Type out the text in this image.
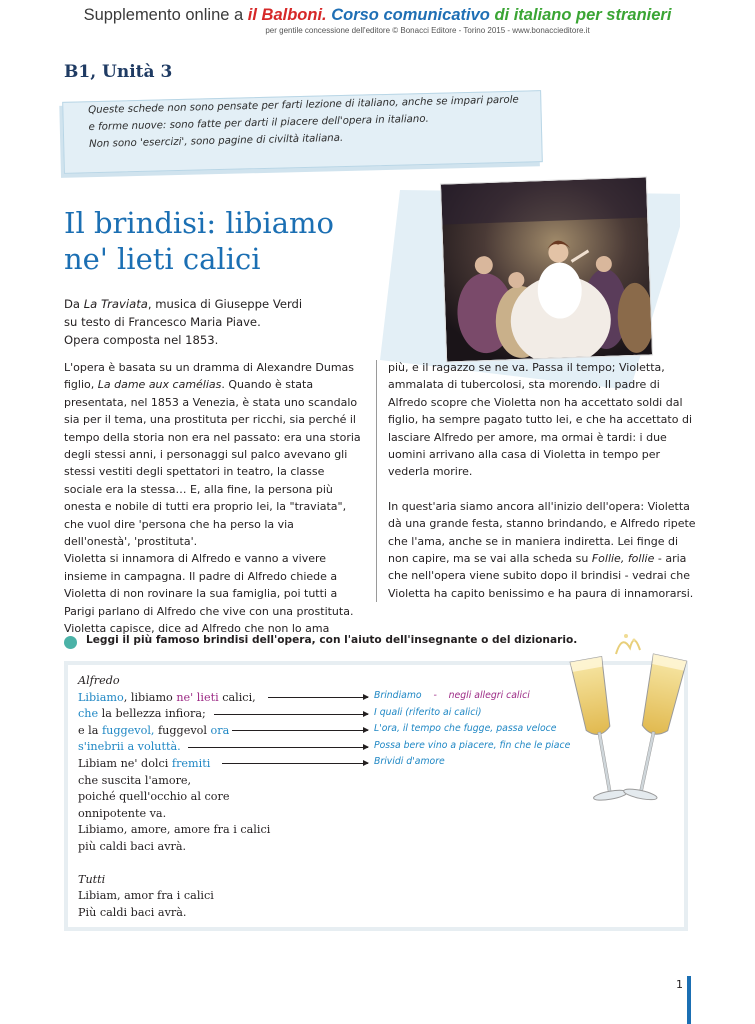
Supplemento online a il Balboni. Corso comunicativo di italiano per stranieri
per gentile concessione dell'editore © Bonacci Editore - Torino 2015 - www.bonaccieditore.it
B1, Unità 3
Queste schede non sono pensate per farti lezione di italiano, anche se impari parole
e forme nuove: sono fatte per darti il piacere dell'opera in italiano.
Non sono 'esercizi', sono pagine di civiltà italiana.
Il brindisi: libiamo
ne' lieti calici
Da La Traviata, musica di Giuseppe Verdi
su testo di Francesco Maria Piave.
Opera composta nel 1853.
L'opera è basata su un dramma di Alexandre Dumas figlio, La dame aux camélias. Quando è stata presentata, nel 1853 a Venezia, è stata uno scandalo sia per il tema, una prostituta per ricchi, sia perché il tempo della storia non era nel passato: era una storia degli stessi anni, i personaggi sul palco avevano gli stessi vestiti degli spettatori in teatro, la classe sociale era la stessa… E, alla fine, la persona più onesta e nobile di tutti era proprio lei, la "traviata", che vuol dire 'persona che ha perso la via dell'onestà', 'prostituta'.
Violetta si innamora di Alfredo e vanno a vivere insieme in campagna. Il padre di Alfredo chiede a Violetta di non rovinare la sua famiglia, poi tutti a Parigi parlano di Alfredo che vive con una prostituta. Violetta capisce, dice ad Alfredo che non lo ama
più, e il ragazzo se ne va. Passa il tempo; Violetta, ammalata di tubercolosi, sta morendo. Il padre di Alfredo scopre che Violetta non ha accettato soldi dal figlio, ha sempre pagato tutto lei, e che ha accettato di lasciare Alfredo per amore, ma ormai è tardi: i due uomini arrivano alla casa di Violetta in tempo per vederla morire.
In quest'aria siamo ancora all'inizio dell'opera: Violetta dà una grande festa, stanno brindando, e Alfredo ripete che l'ama, anche se in maniera indiretta. Lei finge di non capire, ma se vai alla scheda su Follie, follie - aria che nell'opera viene subito dopo il brindisi - vedrai che Violetta ha capito benissimo e ha paura di innamorarsi.
Leggi il più famoso brindisi dell'opera, con l'aiuto dell'insegnante o del dizionario.
Alfredo
Libiamo, libiamo ne' lieti calici,
che la bellezza infiora;
e la fuggevol, fuggevol ora
s'inebrii a voluttà.
Libiam ne' dolci fremiti
che suscita l'amore,
poiché quell'occhio al core
onnipotente va.
Libiamo, amore, amore fra i calici
più caldi baci avrà.
Tutti
Libiam, amor fra i calici
Più caldi baci avrà.
Brindiamo - negli allegri calici
I quali (riferito ai calici)
L'ora, il tempo che fugge, passa veloce
Possa bere vino a piacere, fin che le piace
Brividi d'amore
1
